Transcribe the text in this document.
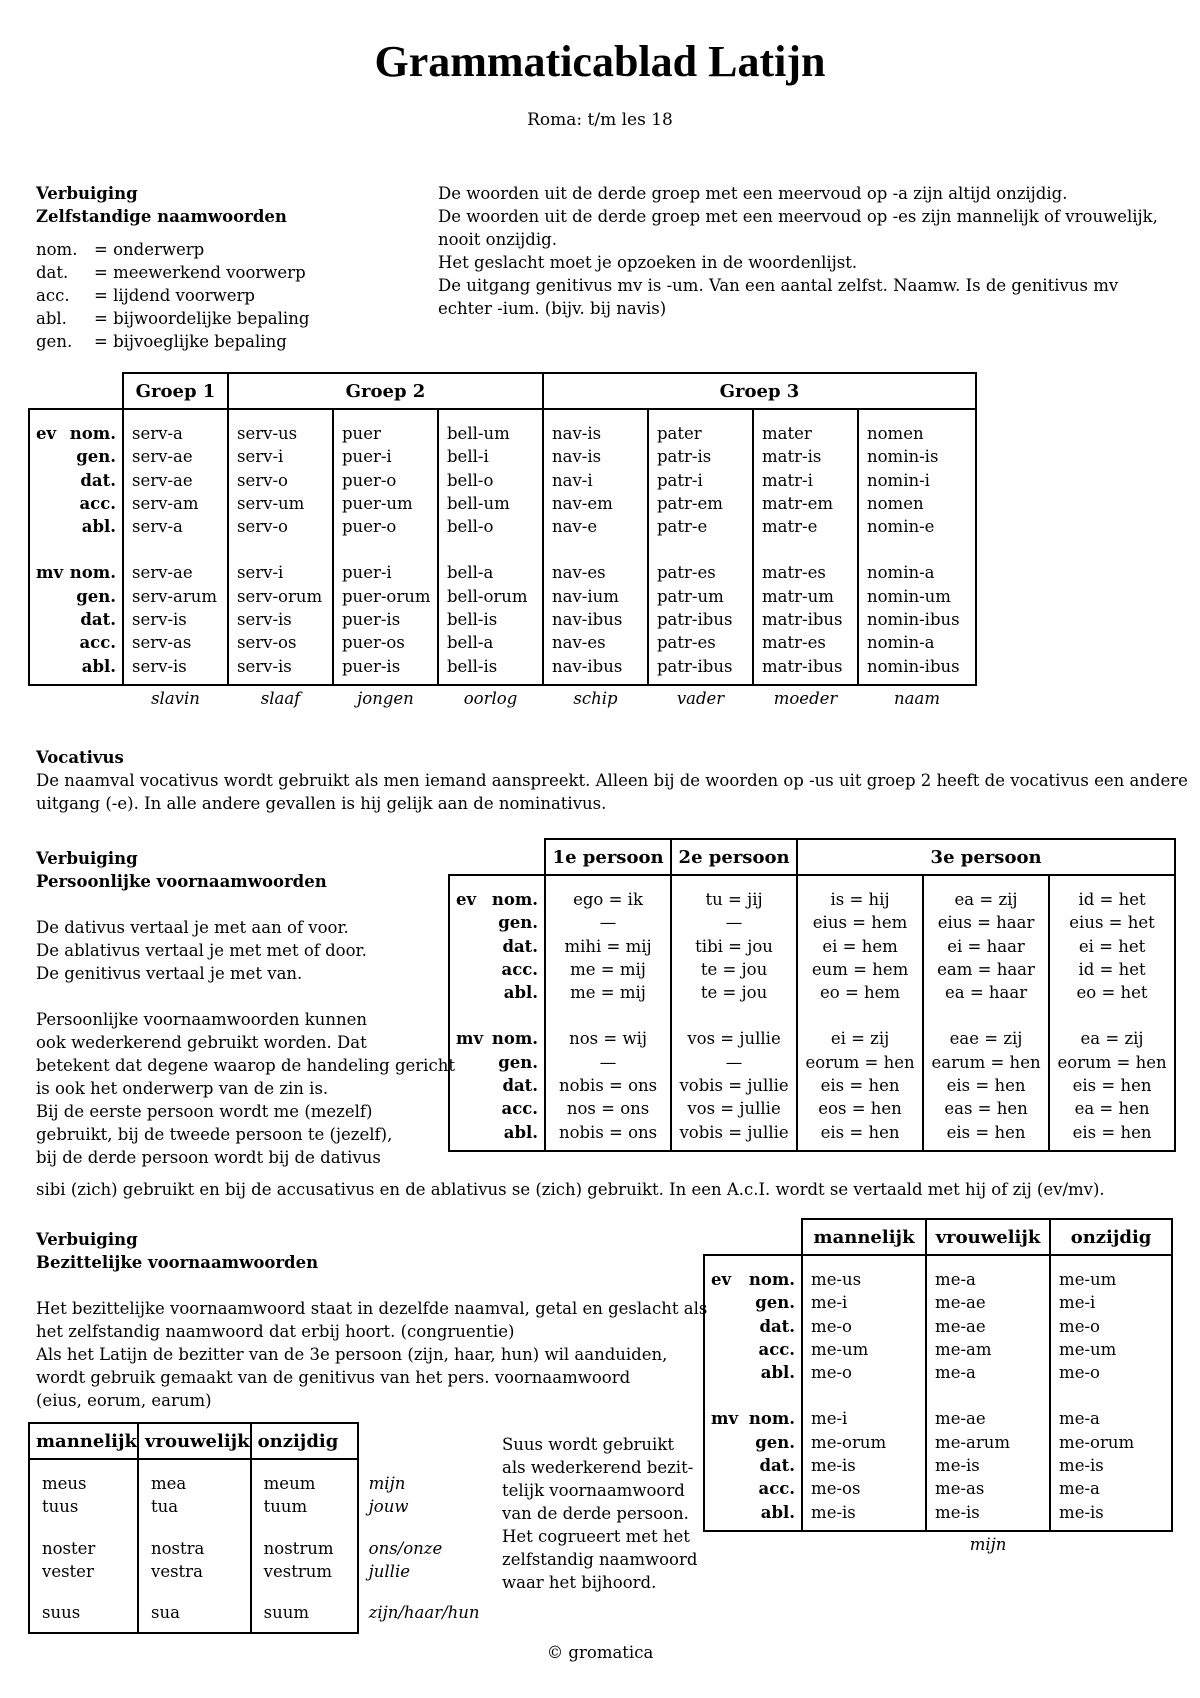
Grammaticablad Latijn
Roma: t/m les 18
Verbuiging
Zelfstandige naamwoorden
nom. = onderwerp
dat. = meewerkend voorwerp
acc. = lijdend voorwerp
abl. = bijwoordelijke bepaling
gen. = bijvoeglijke bepaling
De woorden uit de derde groep met een meervoud op -a zijn altijd onzijdig.
De woorden uit de derde groep met een meervoud op -es zijn mannelijk of vrouwelijk,
nooit onzijdig.
Het geslacht moet je opzoeken in de woordenlijst.
De uitgang genitivus mv is -um. Van een aantal zelfst. Naamw. Is de genitivus mv
echter -ium. (bijv. bij navis)
		Groep 1	Groep 2			Groep 3			

ev	nom.	serv-a	serv-us	puer	bell-um	nav-is	pater	mater	nomen
	gen.	serv-ae	serv-i	puer-i	bell-i	nav-is	patr-is	matr-is	nomin-is
	dat.	serv-ae	serv-o	puer-o	bell-o	nav-i	patr-i	matr-i	nomin-i
	acc.	serv-am	serv-um	puer-um	bell-um	nav-em	patr-em	matr-em	nomen
	abl.	serv-a	serv-o	puer-o	bell-o	nav-e	patr-e	matr-e	nomin-e

mv	nom.	serv-ae	serv-i	puer-i	bell-a	nav-es	patr-es	matr-es	nomin-a
	gen.	serv-arum	serv-orum	puer-orum	bell-orum	nav-ium	patr-um	matr-um	nomin-um
	dat.	serv-is	serv-is	puer-is	bell-is	nav-ibus	patr-ibus	matr-ibus	nomin-ibus
	acc.	serv-as	serv-os	puer-os	bell-a	nav-es	patr-es	matr-es	nomin-a
	abl.	serv-is	serv-is	puer-is	bell-is	nav-ibus	patr-ibus	matr-ibus	nomin-ibus

		slavin	slaaf	jongen	oorlog	schip	vader	moeder	naam
Vocativus
De naamval vocativus wordt gebruikt als men iemand aanspreekt. Alleen bij de woorden op -us uit groep 2 heeft de vocativus een andere
uitgang (-e). In alle andere gevallen is hij gelijk aan de nominativus.
Verbuiging
Persoonlijke voornaamwoorden
De dativus vertaal je met aan of voor.
De ablativus vertaal je met met of door.
De genitivus vertaal je met van.
Persoonlijke voornaamwoorden kunnen
ook wederkerend gebruikt worden. Dat
betekent dat degene waarop de handeling gericht
is ook het onderwerp van de zin is.
Bij de eerste persoon wordt me (mezelf)
gebruikt, bij de tweede persoon te (jezelf),
bij de derde persoon wordt bij de dativus
sibi (zich) gebruikt en bij de accusativus en de ablativus se (zich) gebruikt. In een A.c.I. wordt se vertaald met hij of zij (ev/mv).
		1e persoon	2e persoon	3e persoon		

ev	nom.	ego = ik	tu = jij	is = hij	ea = zij	id = het
	gen.	—	—	eius = hem	eius = haar	eius = het
	dat.	mihi = mij	tibi = jou	ei = hem	ei = haar	ei = het
	acc.	me = mij	te = jou	eum = hem	eam = haar	id = het
	abl.	me = mij	te = jou	eo = hem	ea = haar	eo = het

mv	nom.	nos = wij	vos = jullie	ei = zij	eae = zij	ea = zij
	gen.	—	—	eorum = hen	earum = hen	eorum = hen
	dat.	nobis = ons	vobis = jullie	eis = hen	eis = hen	eis = hen
	acc.	nos = ons	vos = jullie	eos = hen	eas = hen	ea = hen
	abl.	nobis = ons	vobis = jullie	eis = hen	eis = hen	eis = hen

Verbuiging
Bezittelijke voornaamwoorden
Het bezittelijke voornaamwoord staat in dezelfde naamval, getal en geslacht als
het zelfstandig naamwoord dat erbij hoort. (congruentie)
Als het Latijn de bezitter van de 3e persoon (zijn, haar, hun) wil aanduiden,
wordt gebruik gemaakt van de genitivus van het pers. voornaamwoord
(eius, eorum, earum)
mannelijk	vrouwelijk	onzijdig	

meus	mea	meum	mijn
tuus	tua	tuum	jouw

noster	nostra	nostrum	ons/onze
vester	vestra	vestrum	jullie

suus	sua	suum	zijn/haar/hun

Suus wordt gebruikt
als wederkerend bezit-
telijk voornaamwoord
van de derde persoon.
Het cogrueert met het
zelfstandig naamwoord
waar het bijhoord.
		mannelijk	vrouwelijk	onzijdig

ev	nom.	me-us	me-a	me-um
	gen.	me-i	me-ae	me-i
	dat.	me-o	me-ae	me-o
	acc.	me-um	me-am	me-um
	abl.	me-o	me-a	me-o

mv	nom.	me-i	me-ae	me-a
	gen.	me-orum	me-arum	me-orum
	dat.	me-is	me-is	me-is
	acc.	me-os	me-as	me-a
	abl.	me-is	me-is	me-is

			mijn	
© gromatica
